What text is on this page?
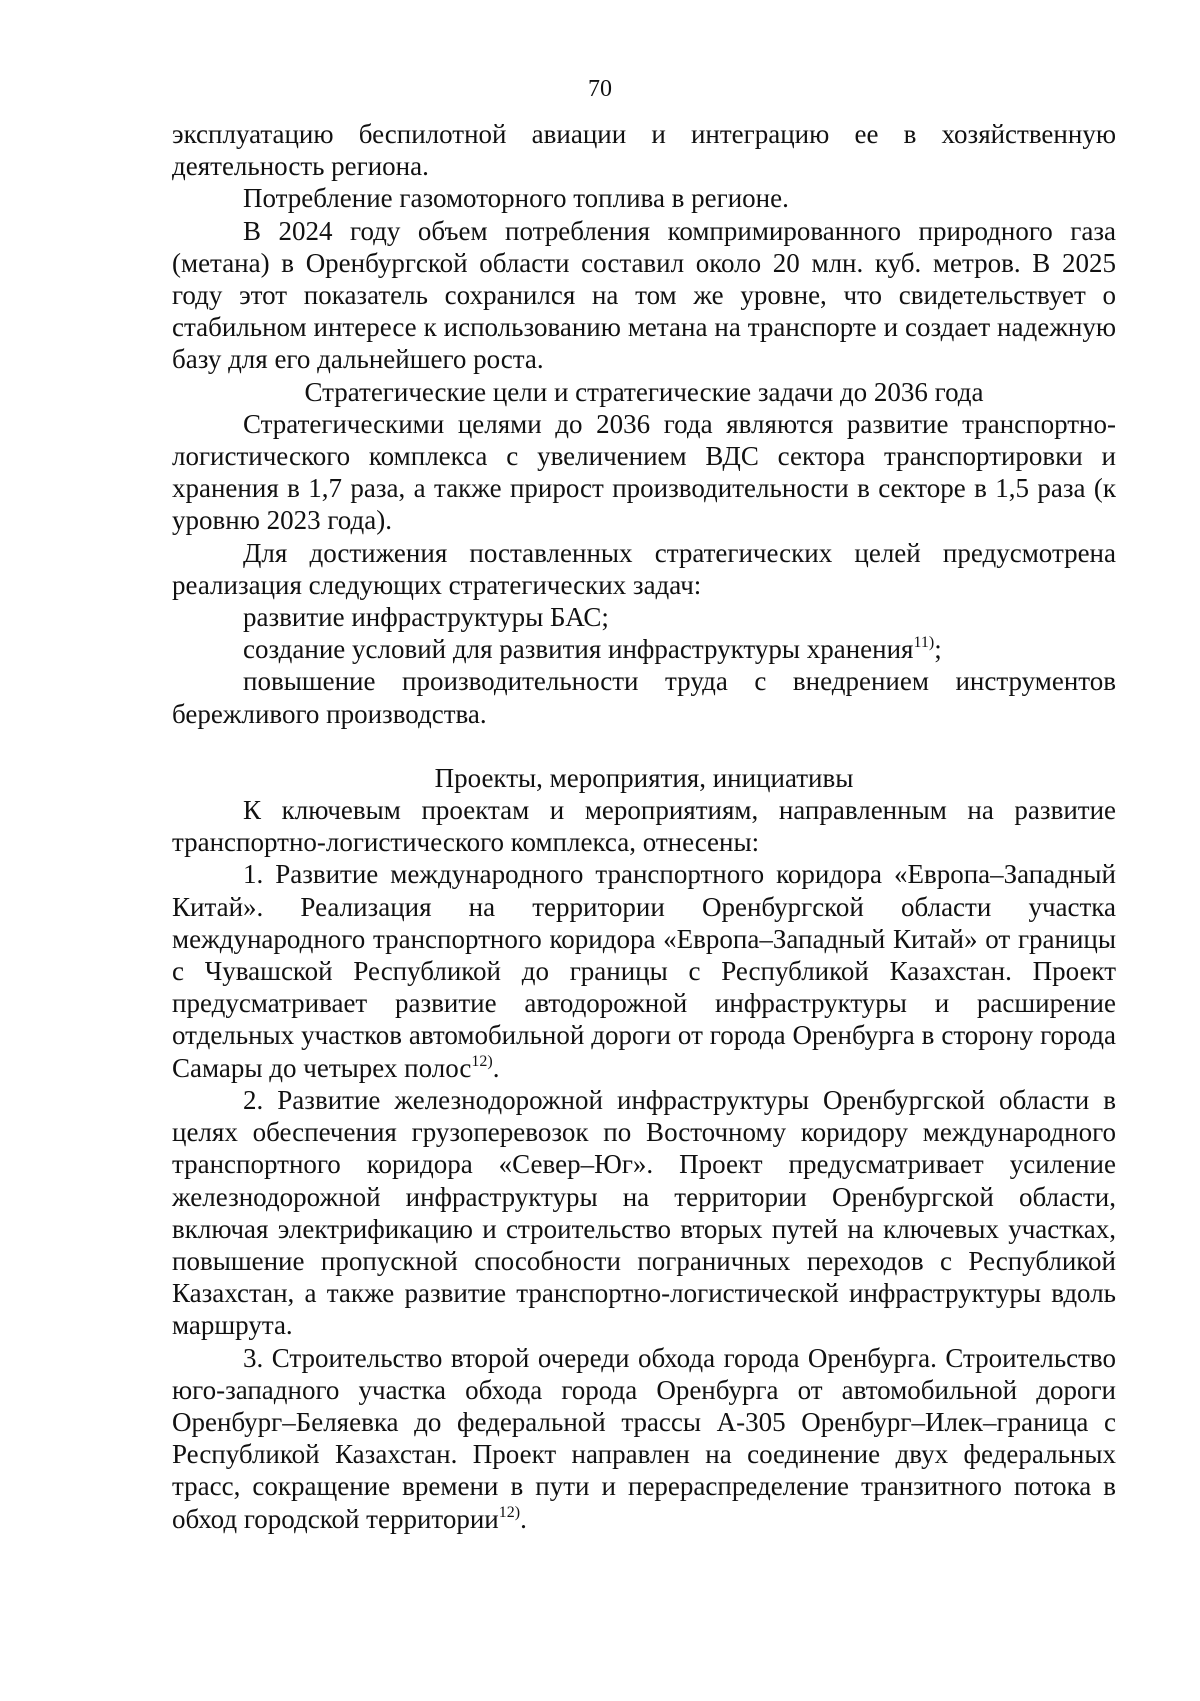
70

эксплуатацию беспилотной авиации и интеграцию ее в хозяйственную деятельность региона.

Потребление газомоторного топлива в регионе.

В 2024 году объем потребления компримированного природного газа (метана) в Оренбургской области составил около 20 млн. куб. метров. В 2025 году этот показатель сохранился на том же уровне, что свидетельствует о стабильном интересе к использованию метана на транспорте и создает надежную базу для его дальнейшего роста.

Стратегические цели и стратегические задачи до 2036 года

Стратегическими целями до 2036 года являются развитие транспортно-логистического комплекса с увеличением ВДС сектора транспортировки и хранения в 1,7 раза, а также прирост производительности в секторе в 1,5 раза (к уровню 2023 года).

Для достижения поставленных стратегических целей предусмотрена реализация следующих стратегических задач:

развитие инфраструктуры БАС;

создание условий для развития инфраструктуры хранения$^{11)}$;

повышение производительности труда с внедрением инструментов бережливого производства.

Проекты, мероприятия, инициативы

К ключевым проектам и мероприятиям, направленным на развитие транспортно-логистического комплекса, отнесены:

1. Развитие международного транспортного коридора «Европа–Западный Китай». Реализация на территории Оренбургской области участка международного транспортного коридора «Европа–Западный Китай» от границы с Чувашской Республикой до границы с Республикой Казахстан. Проект предусматривает развитие автодорожной инфраструктуры и расширение отдельных участков автомобильной дороги от города Оренбурга в сторону города Самары до четырех полос$^{12)}$.

2. Развитие железнодорожной инфраструктуры Оренбургской области в целях обеспечения грузоперевозок по Восточному коридору международного транспортного коридора «Север–Юг». Проект предусматривает усиление железнодорожной инфраструктуры на территории Оренбургской области, включая электрификацию и строительство вторых путей на ключевых участках, повышение пропускной способности пограничных переходов с Республикой Казахстан, а также развитие транспортно-логистической инфраструктуры вдоль маршрута.

3. Строительство второй очереди обхода города Оренбурга. Строительство юго-западного участка обхода города Оренбурга от автомобильной дороги Оренбург–Беляевка до федеральной трассы А-305 Оренбург–Илек–граница с Республикой Казахстан. Проект направлен на соединение двух федеральных трасс, сокращение времени в пути и перераспределение транзитного потока в обход городской территории$^{12)}$.
